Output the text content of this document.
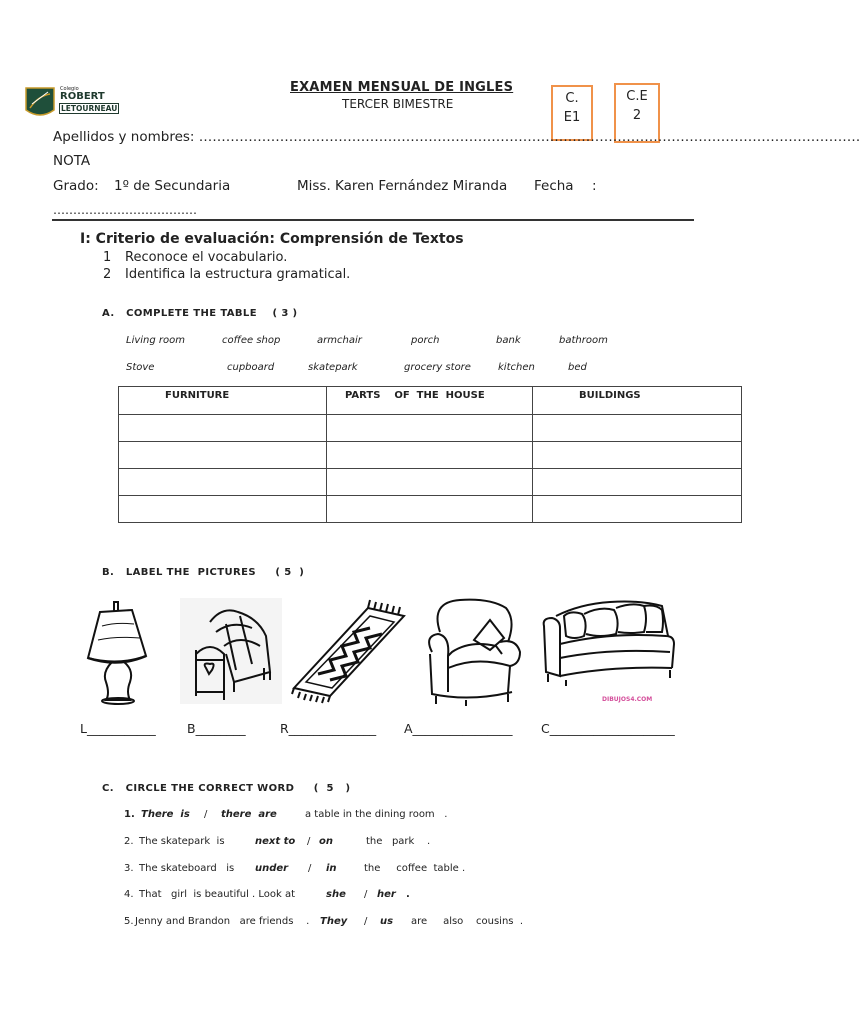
Colegio
ROBERT
LETOURNEAU
EXAMEN MENSUAL DE INGLES
TERCER BIMESTRE	C.
E1
C.E
2
Apellidos y nombres: …………………………………………………………………………………………………………………………………
NOTA
Grado: 1º de Secundaria	Miss. Karen Fernández Miranda Fecha :
………………………………
I: Criterio de evaluación: Comprensión de Textos
1 Reconoce el vocabulario.
2 Identifica la estructura gramatical.
A.   COMPLETE THE TABLE    ( 3 )
Living room	coffee shop	armchair	porch	bank	bathroom
Stove	cupboard	skatepark	grocery store	kitchen	bed
FURNITURE	PARTS    OF  THE  HOUSE	BUILDINGS

B.   LABEL THE  PICTURES     ( 5  )
DIBUJOS4.COM
L___________	B________	R______________ A________________ C____________________
C.   CIRCLE THE CORRECT WORD     (  5   )
1. There  is / there  are	a table in the dining room   .
2. The skatepark  is	next to / on	the   park    .
3. The skateboard   is under / in	the     coffee  table .
4. That   girl  is beautiful . Look at	she / her .
5. Jenny and Brandon   are friends    . They / us are     also    cousins  .
